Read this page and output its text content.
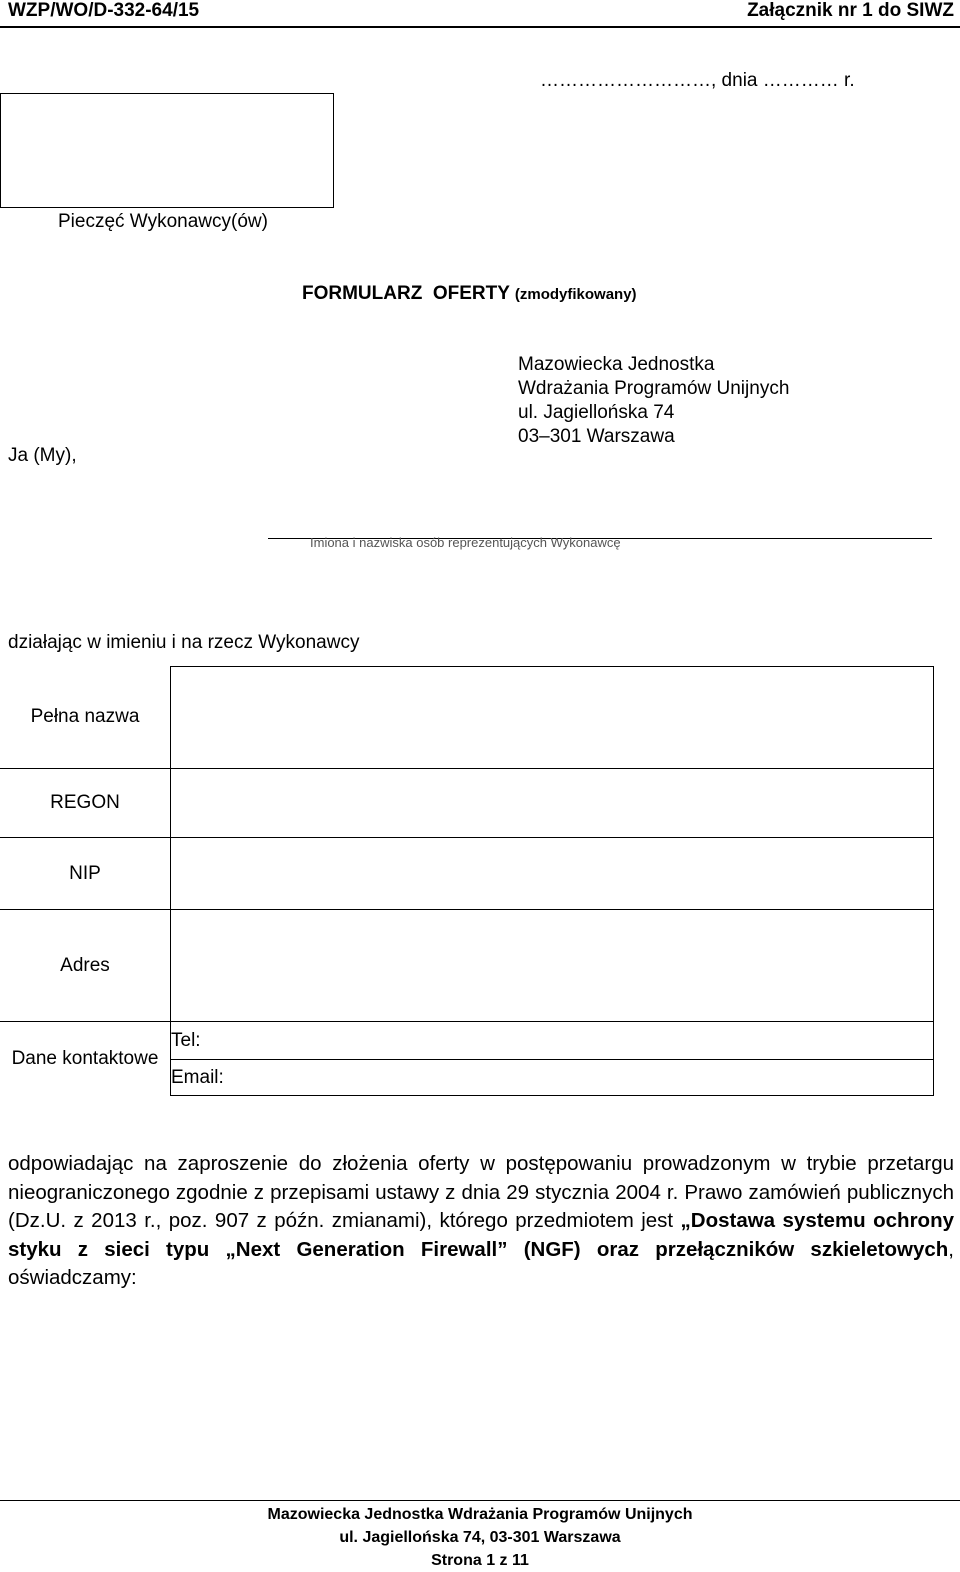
WZP/WO/D-332-64/15	Załącznik nr 1 do SIWZ
………………………, dnia ………… r.
Pieczęć Wykonawcy(ów)
FORMULARZ  OFERTY (zmodyfikowany)
Mazowiecka Jednostka
Wdrażania Programów Unijnych
ul. Jagiellońska 74
03–301 Warszawa
Ja (My),
Imiona i nazwiska osób reprezentujących Wykonawcę
działając w imieniu i na rzecz Wykonawcy
Pełna nazwa	
REGON	
NIP	
Adres	
Dane kontaktowe	Tel:
	Email:
odpowiadając na zaproszenie do złożenia oferty w postępowaniu prowadzonym w trybie przetargu nieograniczonego zgodnie z przepisami ustawy z dnia 29 stycznia 2004 r. Prawo zamówień publicznych (Dz.U. z 2013 r., poz. 907 z późn. zmianami), którego przedmiotem jest „Dostawa systemu ochrony styku z sieci typu „Next Generation Firewall” (NGF) oraz przełączników szkieletowych, oświadczamy:
Mazowiecka Jednostka Wdrażania Programów Unijnych
ul. Jagiellońska 74, 03-301 Warszawa
Strona 1 z 11
